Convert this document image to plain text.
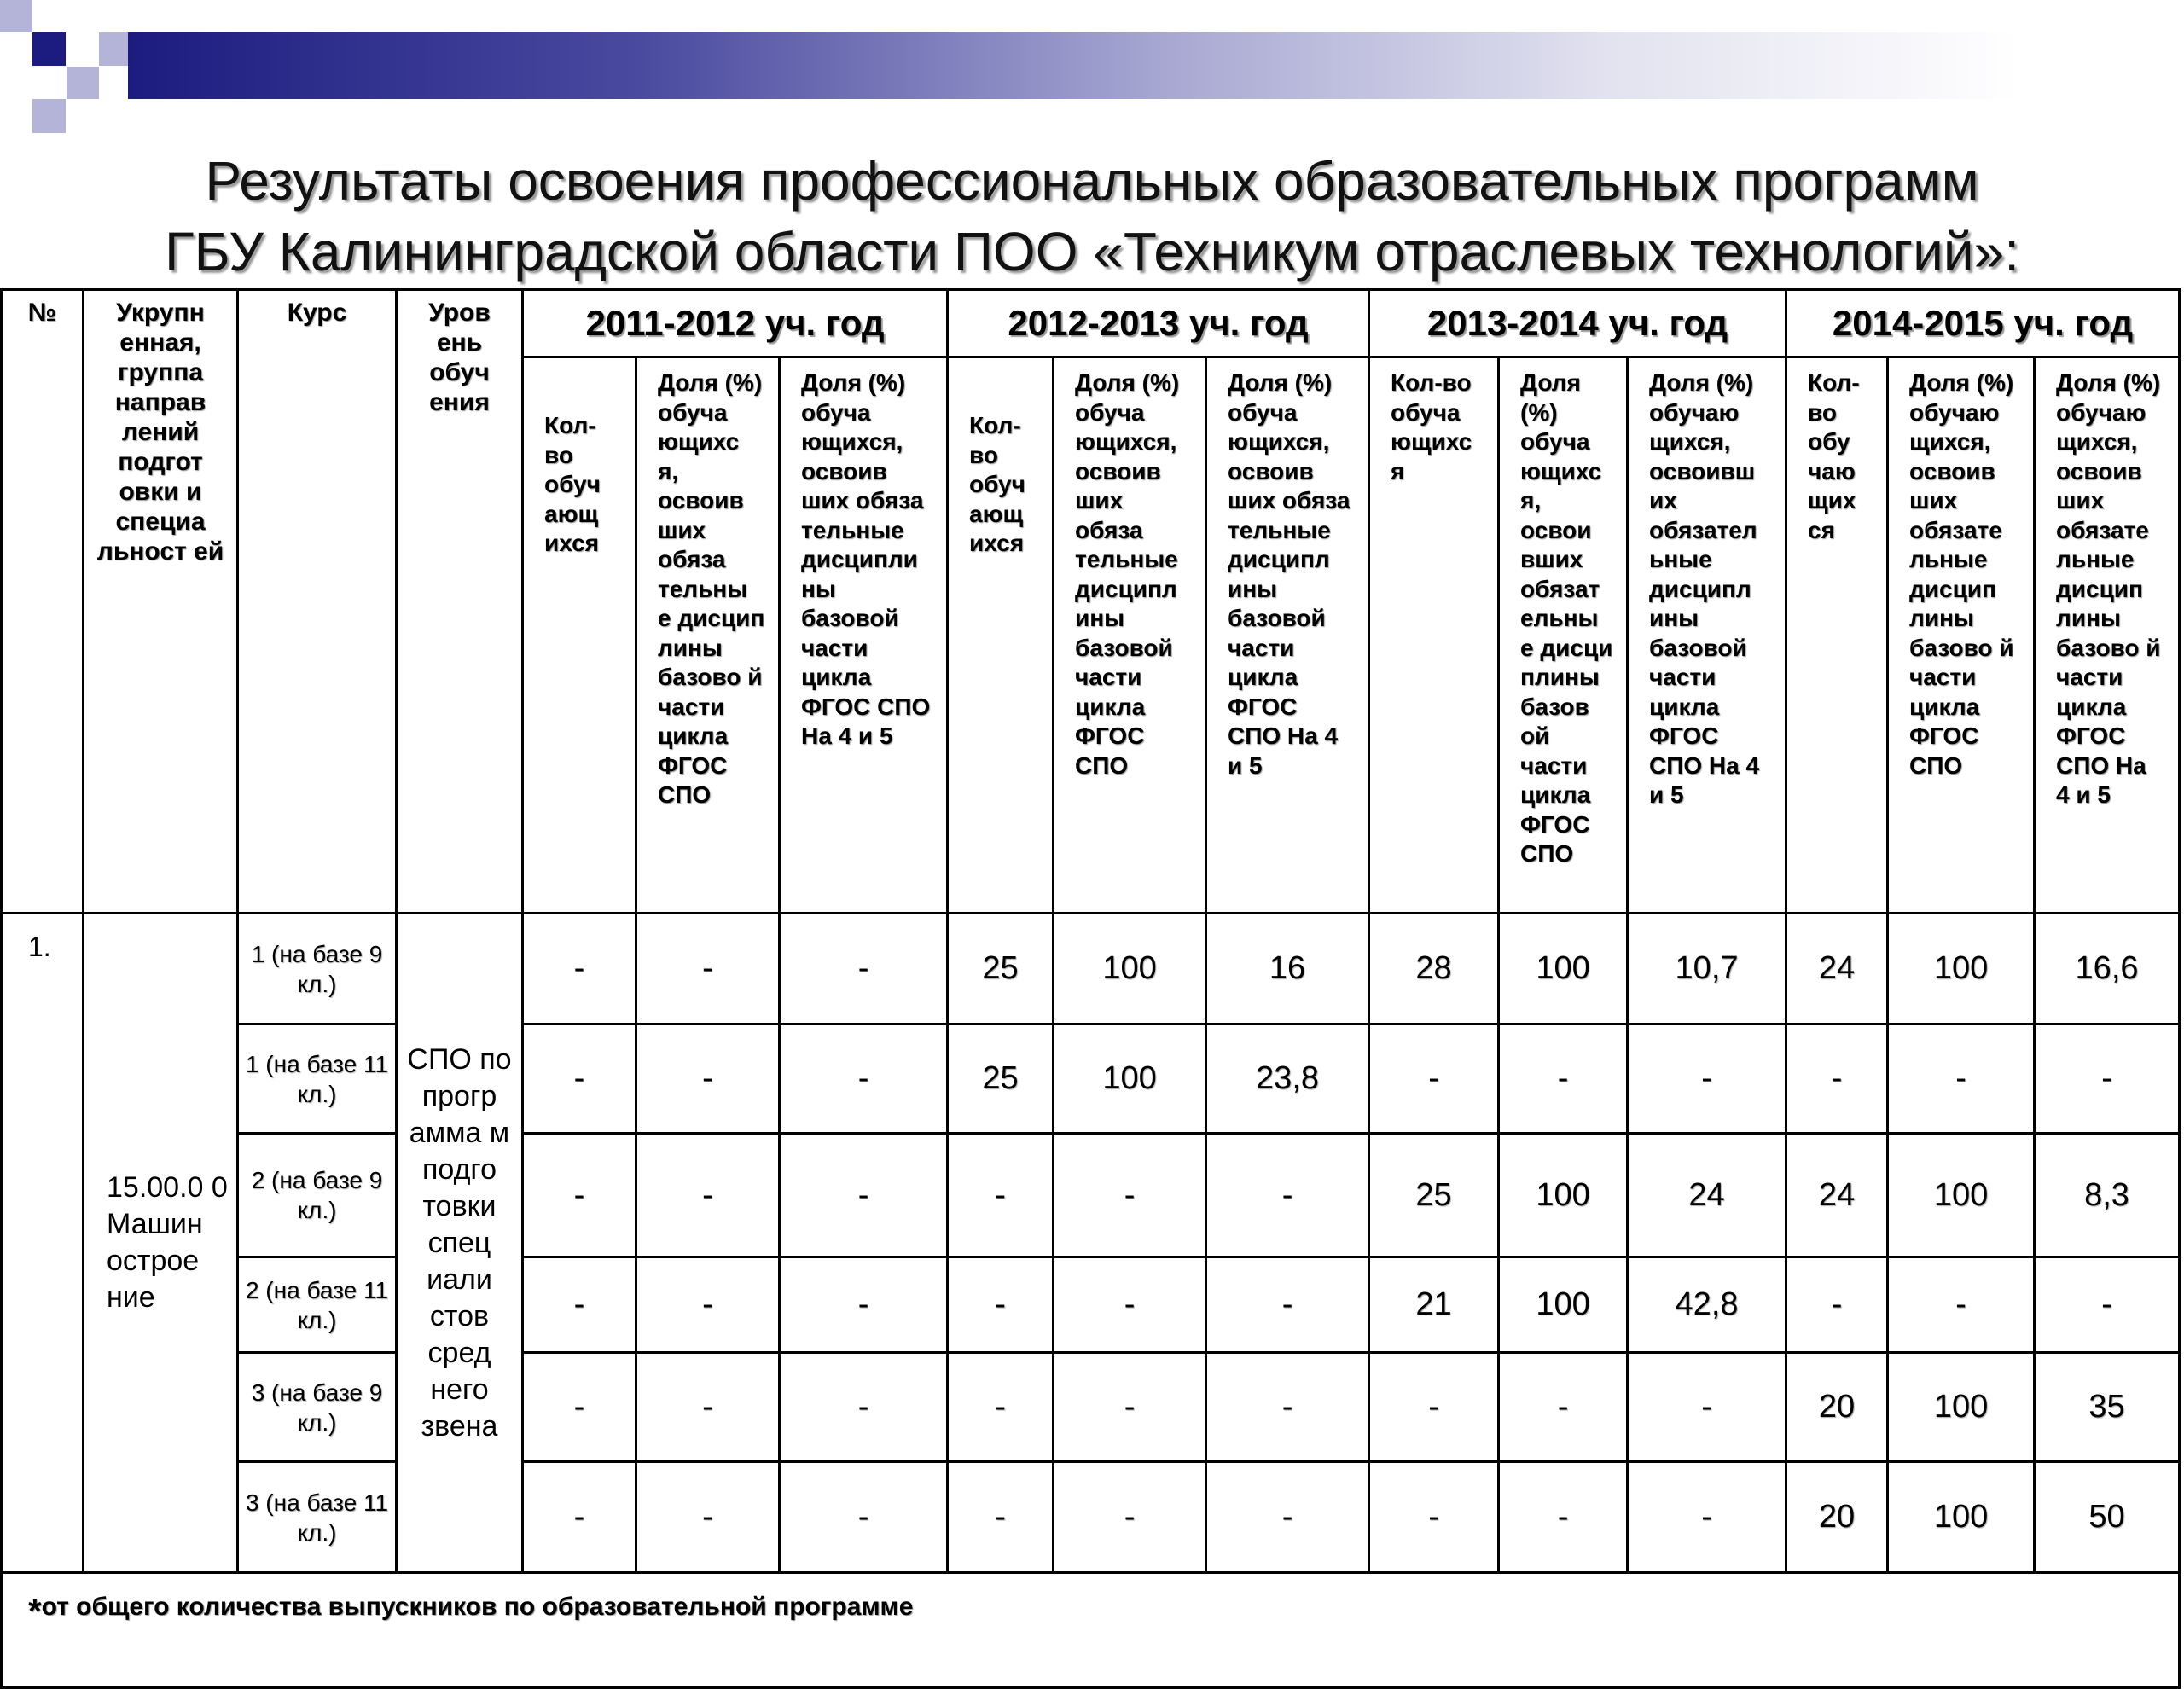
Результаты освоения профессиональных образовательных программ
ГБУ Калининградской области ПОО «Техникум отраслевых технологий»:
№	Укрупн енная, группа направ лений подгот овки и специа льност ей	Курс	Уров ень обуч ения	2011-2012 уч. год			2012-2013 уч. год			2013-2014 уч. год			2014-2015 уч. год		
				Кол-во обуч ающ ихся	Доля (%) обуча ющихс я, освоив ших обяза тельны е дисцип лины базово й части цикла ФГОС СПО	Доля (%) обуча ющихся, освоив ших обяза тельные дисципли ны базовой части цикла ФГОС СПО На 4 и 5	Кол-во обуч ающ ихся	Доля (%) обуча ющихся, освоив ших обяза тельные дисципл ины базовой части цикла ФГОС СПО	Доля (%) обуча ющихся, освоив ших обяза тельные дисципл ины базовой части цикла ФГОС СПО На 4 и 5	Кол-во обуча ющихс я	Доля (%) обуча ющихс я, освои вших обязат ельны е дисци плины базов ой части цикла ФГОС СПО	Доля (%) обучаю щихся, освоивш их обязател ьные дисципл ины базовой части цикла ФГОС СПО На 4 и 5	Кол-во обу чаю щих ся	Доля (%) обучаю щихся, освоив ших обязате льные дисцип лины базово й части цикла ФГОС СПО	Доля (%) обучаю щихся, освоив ших обязате льные дисцип лины базово й части цикла ФГОС СПО На 4 и 5
1.	15.00.0 0 Машин острое ние	1 (на базе 9 кл.)	СПО по прогр амма м подго товки спец иали стов сред него звена	-	-	-	25	100	16	28	100	10,7	24	100	16,6
		1 (на базе 11 кл.)		-	-	-	25	100	23,8	-	-	-	-	-	-
		2 (на базе 9 кл.)		-	-	-	-	-	-	25	100	24	24	100	8,3
		2 (на базе 11 кл.)		-	-	-	-	-	-	21	100	42,8	-	-	-
		3 (на базе 9 кл.)		-	-	-	-	-	-	-	-	-	20	100	35
		3 (на базе 11 кл.)		-	-	-	-	-	-	-	-	-	20	100	50
*от общего количества выпускников по образовательной программе															
